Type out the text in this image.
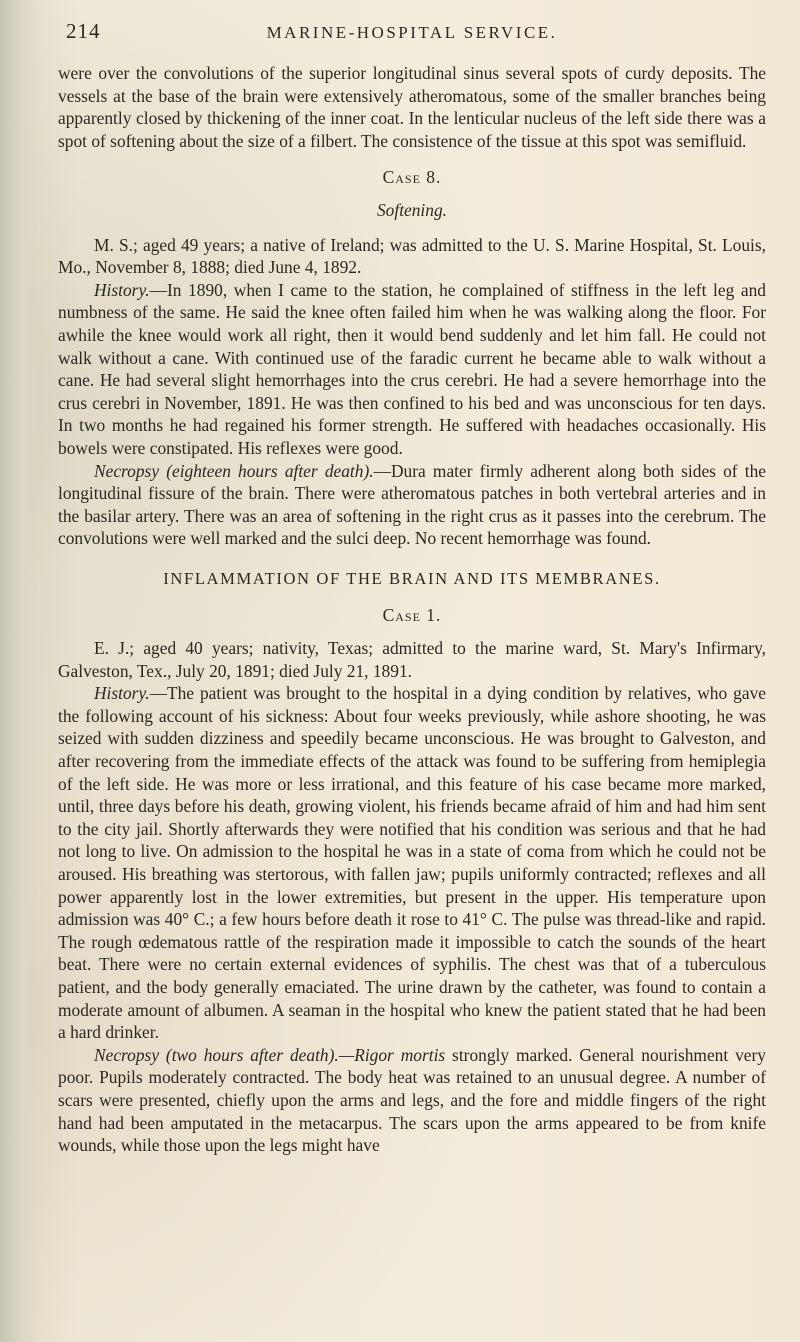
214	MARINE-HOSPITAL SERVICE.

were over the convolutions of the superior longitudinal sinus several spots of curdy deposits. The vessels at the base of the brain were extensively atheromatous, some of the smaller branches being apparently closed by thickening of the inner coat. In the lenticular nucleus of the left side there was a spot of softening about the size of a filbert. The consistence of the tissue at this spot was semifluid.

Case 8.
Softening.

M. S.; aged 49 years; a native of Ireland; was admitted to the U. S. Marine Hospital, St. Louis, Mo., November 8, 1888; died June 4, 1892.

History.—In 1890, when I came to the station, he complained of stiffness in the left leg and numbness of the same. He said the knee often failed him when he was walking along the floor. For awhile the knee would work all right, then it would bend suddenly and let him fall. He could not walk without a cane. With continued use of the faradic current he became able to walk without a cane. He had several slight hemorrhages into the crus cerebri. He had a severe hemorrhage into the crus cerebri in November, 1891. He was then confined to his bed and was unconscious for ten days. In two months he had regained his former strength. He suffered with headaches occasionally. His bowels were constipated. His reflexes were good.

Necropsy (eighteen hours after death).—Dura mater firmly adherent along both sides of the longitudinal fissure of the brain. There were atheromatous patches in both vertebral arteries and in the basilar artery. There was an area of softening in the right crus as it passes into the cerebrum. The convolutions were well marked and the sulci deep. No recent hemorrhage was found.

INFLAMMATION OF THE BRAIN AND ITS MEMBRANES.
Case 1.

E. J.; aged 40 years; nativity, Texas; admitted to the marine ward, St. Mary's Infirmary, Galveston, Tex., July 20, 1891; died July 21, 1891.

History.—The patient was brought to the hospital in a dying condition by relatives, who gave the following account of his sickness: About four weeks previously, while ashore shooting, he was seized with sudden dizziness and speedily became unconscious. He was brought to Galveston, and after recovering from the immediate effects of the attack was found to be suffering from hemiplegia of the left side. He was more or less irrational, and this feature of his case became more marked, until, three days before his death, growing violent, his friends became afraid of him and had him sent to the city jail. Shortly afterwards they were notified that his condition was serious and that he had not long to live. On admission to the hospital he was in a state of coma from which he could not be aroused. His breathing was stertorous, with fallen jaw; pupils uniformly contracted; reflexes and all power apparently lost in the lower extremities, but present in the upper. His temperature upon admission was 40° C.; a few hours before death it rose to 41° C. The pulse was thread-like and rapid. The rough œdematous rattle of the respiration made it impossible to catch the sounds of the heart beat. There were no certain external evidences of syphilis. The chest was that of a tuberculous patient, and the body generally emaciated. The urine drawn by the catheter, was found to contain a moderate amount of albumen. A seaman in the hospital who knew the patient stated that he had been a hard drinker.

Necropsy (two hours after death).—Rigor mortis strongly marked. General nourishment very poor. Pupils moderately contracted. The body heat was retained to an unusual degree. A number of scars were presented, chiefly upon the arms and legs, and the fore and middle fingers of the right hand had been amputated in the metacarpus. The scars upon the arms appeared to be from knife wounds, while those upon the legs might have
